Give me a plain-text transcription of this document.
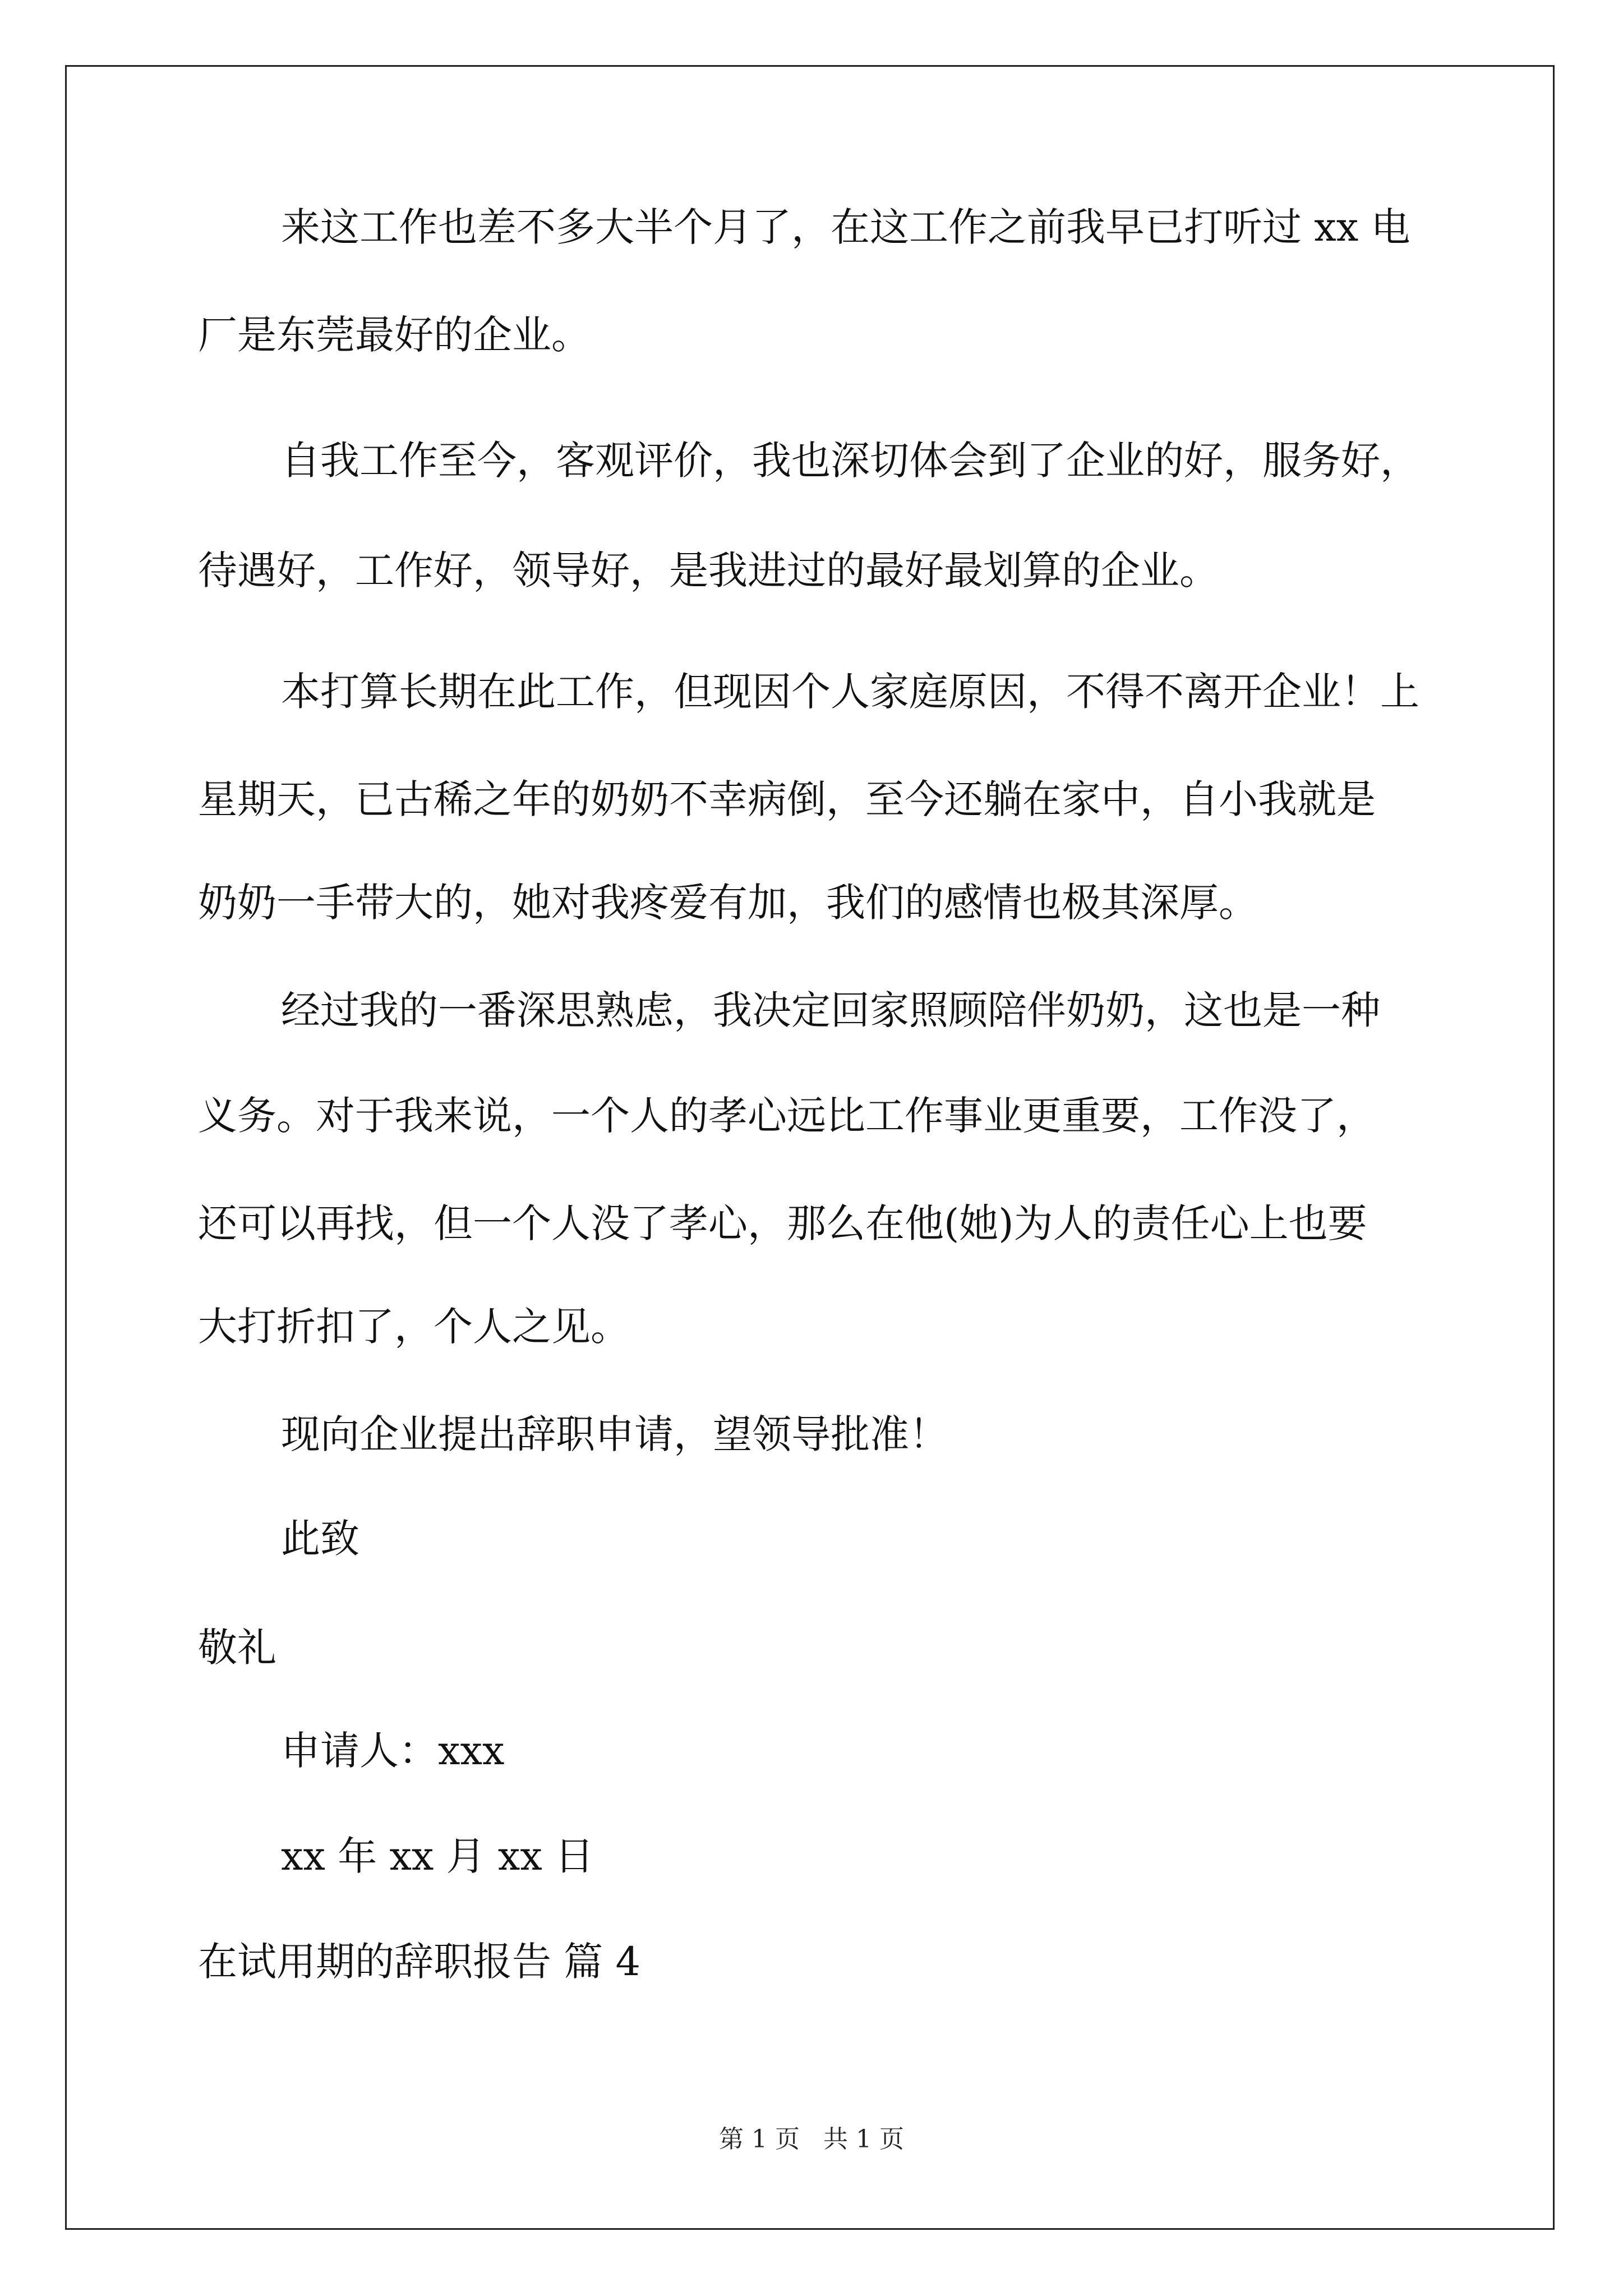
来这工作也差不多大半个月了，在这工作之前我早已打听过 xx 电
厂是东莞最好的企业。
自我工作至今，客观评价，我也深切体会到了企业的好，服务好，
待遇好，工作好，领导好，是我进过的最好最划算的企业。
本打算长期在此工作，但现因个人家庭原因，不得不离开企业！上
星期天，已古稀之年的奶奶不幸病倒，至今还躺在家中，自小我就是
奶奶一手带大的，她对我疼爱有加，我们的感情也极其深厚。
经过我的一番深思熟虑，我决定回家照顾陪伴奶奶，这也是一种
义务。对于我来说，一个人的孝心远比工作事业更重要，工作没了，
还可以再找，但一个人没了孝心，那么在他(她)为人的责任心上也要
大打折扣了，个人之见。
现向企业提出辞职申请，望领导批准！
此致
敬礼
申请人：xxx
xx 年 xx 月 xx 日
在试用期的辞职报告 篇 4
第 1 页   共 1 页
